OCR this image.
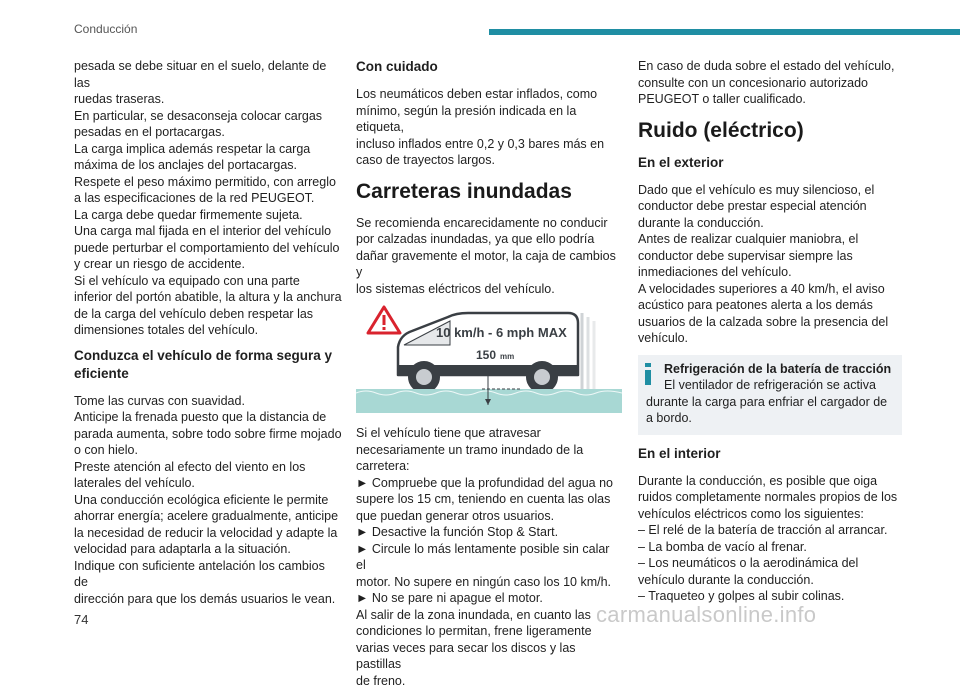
Conducción

pesada se debe situar en el suelo, delante de las
ruedas traseras.
En particular, se desaconseja colocar cargas
pesadas en el portacargas.
La carga implica además respetar la carga
máxima de los anclajes del portacargas.
Respete el peso máximo permitido, con arreglo
a las especificaciones de la red PEUGEOT.
La carga debe quedar firmemente sujeta.
Una carga mal fijada en el interior del vehículo
puede perturbar el comportamiento del vehículo
y crear un riesgo de accidente.
Si el vehículo va equipado con una parte
inferior del portón abatible, la altura y la anchura
de la carga del vehículo deben respetar las
dimensiones totales del vehículo.

Conduzca el vehículo de forma segura y
eficiente

Tome las curvas con suavidad.
Anticipe la frenada puesto que la distancia de
parada aumenta, sobre todo sobre firme mojado
o con hielo.
Preste atención al efecto del viento en los
laterales del vehículo.
Una conducción ecológica eficiente le permite
ahorrar energía; acelere gradualmente, anticipe
la necesidad de reducir la velocidad y adapte la
velocidad para adaptarla a la situación.
Indique con suficiente antelación los cambios de
dirección para que los demás usuarios le vean.

Con cuidado

Los neumáticos deben estar inflados, como
mínimo, según la presión indicada en la etiqueta,
incluso inflados entre 0,2 y 0,3 bares más en
caso de trayectos largos.

Carreteras inundadas

Se recomienda encarecidamente no conducir
por calzadas inundadas, ya que ello podría
dañar gravemente el motor, la caja de cambios y
los sistemas eléctricos del vehículo.

10 km/h - 6 mph MAX
150 mm

Si el vehículo tiene que atravesar
necesariamente un tramo inundado de la
carretera:
► Compruebe que la profundidad del agua no
supere los 15 cm, teniendo en cuenta las olas
que puedan generar otros usuarios.
► Desactive la función Stop & Start.
► Circule lo más lentamente posible sin calar el
motor. No supere en ningún caso los 10 km/h.
► No se pare ni apague el motor.
Al salir de la zona inundada, en cuanto las
condiciones lo permitan, frene ligeramente
varias veces para secar los discos y las pastillas
de freno.

En caso de duda sobre el estado del vehículo,
consulte con un concesionario autorizado
PEUGEOT o taller cualificado.

Ruido (eléctrico)
En el exterior

Dado que el vehículo es muy silencioso, el
conductor debe prestar especial atención
durante la conducción.
Antes de realizar cualquier maniobra, el
conductor debe supervisar siempre las
inmediaciones del vehículo.
A velocidades superiores a 40 km/h, el aviso
acústico para peatones alerta a los demás
usuarios de la calzada sobre la presencia del
vehículo.

Refrigeración de la batería de tracción
El ventilador de refrigeración se activa
durante la carga para enfriar el cargador de
a bordo.
En el interior

Durante la conducción, es posible que oiga
ruidos completamente normales propios de los
vehículos eléctricos como los siguientes:
– El relé de la batería de tracción al arrancar.
– La bomba de vacío al frenar.
– Los neumáticos o la aerodinámica del
vehículo durante la conducción.
– Traqueteo y golpes al subir colinas.

74	carmanualsonline.info
